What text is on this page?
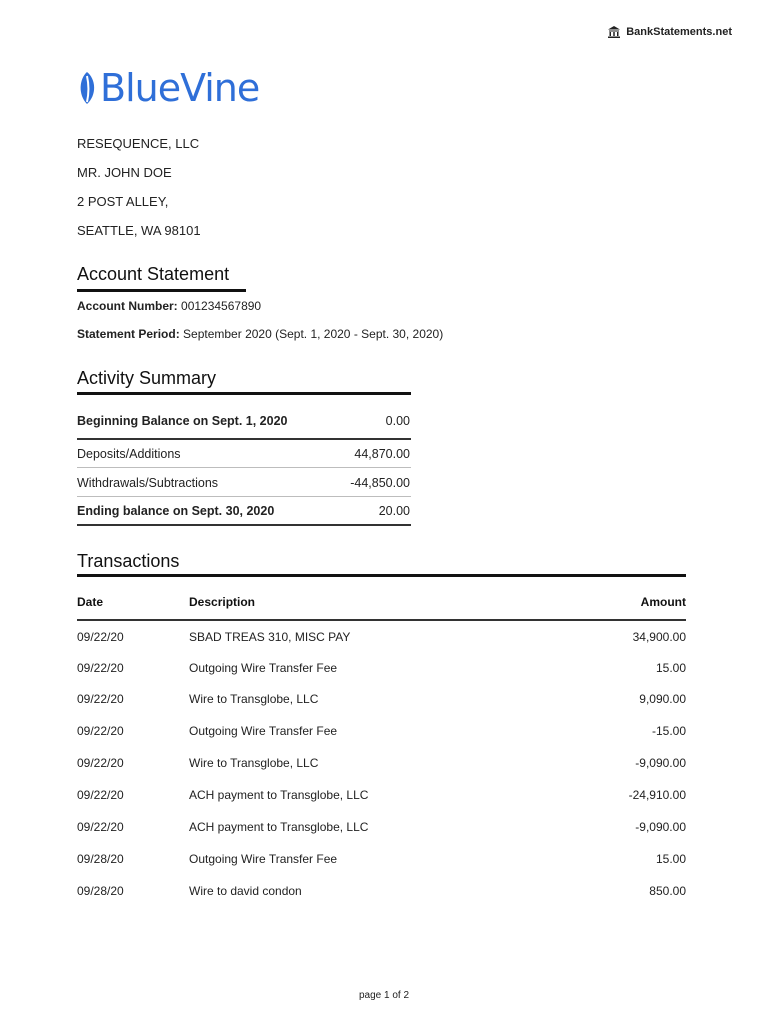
BankStatements.net
BlueVine
RESEQUENCE, LLC
MR. JOHN DOE
2 POST ALLEY,
SEATTLE, WA 98101
Account Statement
Account Number: 001234567890
Statement Period: September 2020 (Sept. 1, 2020 - Sept. 30, 2020)
Activity Summary
Beginning Balance on Sept. 1, 2020	0.00
Deposits/Additions	44,870.00
Withdrawals/Subtractions	-44,850.00
Ending balance on Sept. 30, 2020	20.00
Transactions
Date	Description	Amount
09/22/20	SBAD TREAS 310, MISC PAY	34,900.00
09/22/20	Outgoing Wire Transfer Fee	15.00
09/22/20	Wire to Transglobe, LLC	9,090.00
09/22/20	Outgoing Wire Transfer Fee	-15.00
09/22/20	Wire to Transglobe, LLC	-9,090.00
09/22/20	ACH payment to Transglobe, LLC	-24,910.00
09/22/20	ACH payment to Transglobe, LLC	-9,090.00
09/28/20	Outgoing Wire Transfer Fee	15.00
09/28/20	Wire to david condon	850.00
page 1 of 2
